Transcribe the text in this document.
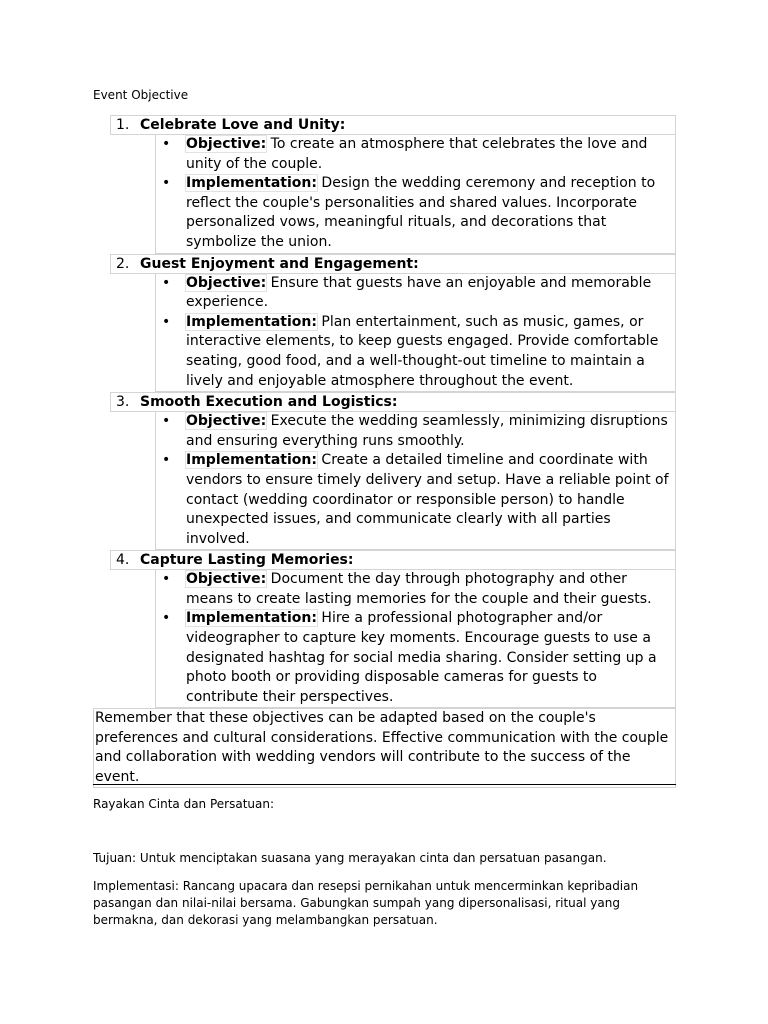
Event Objective
1. Celebrate Love and Unity:
• Objective: To create an atmosphere that celebrates the love and unity of the couple.
• Implementation: Design the wedding ceremony and reception to reflect the couple's personalities and shared values. Incorporate personalized vows, meaningful rituals, and decorations that symbolize the union.
2. Guest Enjoyment and Engagement:
• Objective: Ensure that guests have an enjoyable and memorable experience.
• Implementation: Plan entertainment, such as music, games, or interactive elements, to keep guests engaged. Provide comfortable seating, good food, and a well-thought-out timeline to maintain a lively and enjoyable atmosphere throughout the event.
3. Smooth Execution and Logistics:
• Objective: Execute the wedding seamlessly, minimizing disruptions and ensuring everything runs smoothly.
• Implementation: Create a detailed timeline and coordinate with vendors to ensure timely delivery and setup. Have a reliable point of contact (wedding coordinator or responsible person) to handle unexpected issues, and communicate clearly with all parties involved.
4. Capture Lasting Memories:
• Objective: Document the day through photography and other means to create lasting memories for the couple and their guests.
• Implementation: Hire a professional photographer and/or videographer to capture key moments. Encourage guests to use a designated hashtag for social media sharing. Consider setting up a photo booth or providing disposable cameras for guests to contribute their perspectives.
Remember that these objectives can be adapted based on the couple's preferences and cultural considerations. Effective communication with the couple and collaboration with wedding vendors will contribute to the success of the event.
Rayakan Cinta dan Persatuan:
Tujuan: Untuk menciptakan suasana yang merayakan cinta dan persatuan pasangan.
Implementasi: Rancang upacara dan resepsi pernikahan untuk mencerminkan kepribadian pasangan dan nilai-nilai bersama. Gabungkan sumpah yang dipersonalisasi, ritual yang bermakna, dan dekorasi yang melambangkan persatuan.
